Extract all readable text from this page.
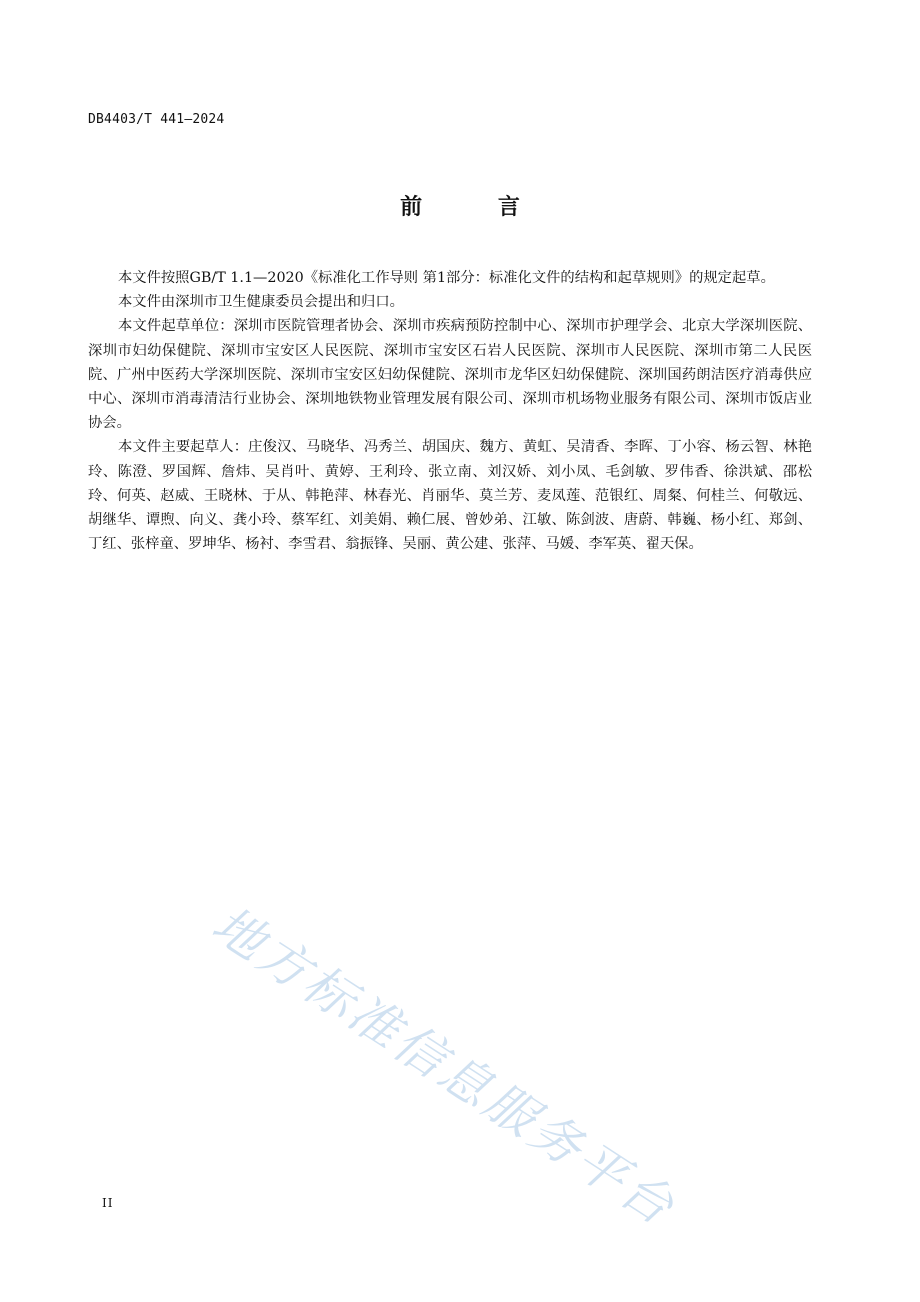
DB4403/T 441—2024
前 言

本文件按照GB/T 1.1—2020《标准化工作导则 第1部分：标准化文件的结构和起草规则》的规定起草。

本文件由深圳市卫生健康委员会提出和归口。

本文件起草单位：深圳市医院管理者协会、深圳市疾病预防控制中心、深圳市护理学会、北京大学深圳医院、深圳市妇幼保健院、深圳市宝安区人民医院、深圳市宝安区石岩人民医院、深圳市人民医院、深圳市第二人民医院、广州中医药大学深圳医院、深圳市宝安区妇幼保健院、深圳市龙华区妇幼保健院、深圳国药朗洁医疗消毒供应中心、深圳市消毒清洁行业协会、深圳地铁物业管理发展有限公司、深圳市机场物业服务有限公司、深圳市饭店业协会。

本文件主要起草人：庄俊汉、马晓华、冯秀兰、胡国庆、魏方、黄虹、吴清香、李晖、丁小容、杨云智、林艳玲、陈澄、罗国辉、詹炜、吴肖叶、黄婷、王利玲、张立南、刘汉娇、刘小凤、毛剑敏、罗伟香、徐洪斌、邵松玲、何英、赵威、王晓林、于从、韩艳萍、林春光、肖丽华、莫兰芳、麦凤莲、范银红、周粲、何桂兰、何敬远、胡继华、谭煦、向义、龚小玲、蔡军红、刘美娟、赖仁展、曾妙弟、江敏、陈剑波、唐蔚、韩巍、杨小红、郑剑、丁红、张梓童、罗坤华、杨衬、李雪君、翁振锋、吴丽、黄公建、张萍、马媛、李军英、翟天保。

地方标准信息服务平台
II
